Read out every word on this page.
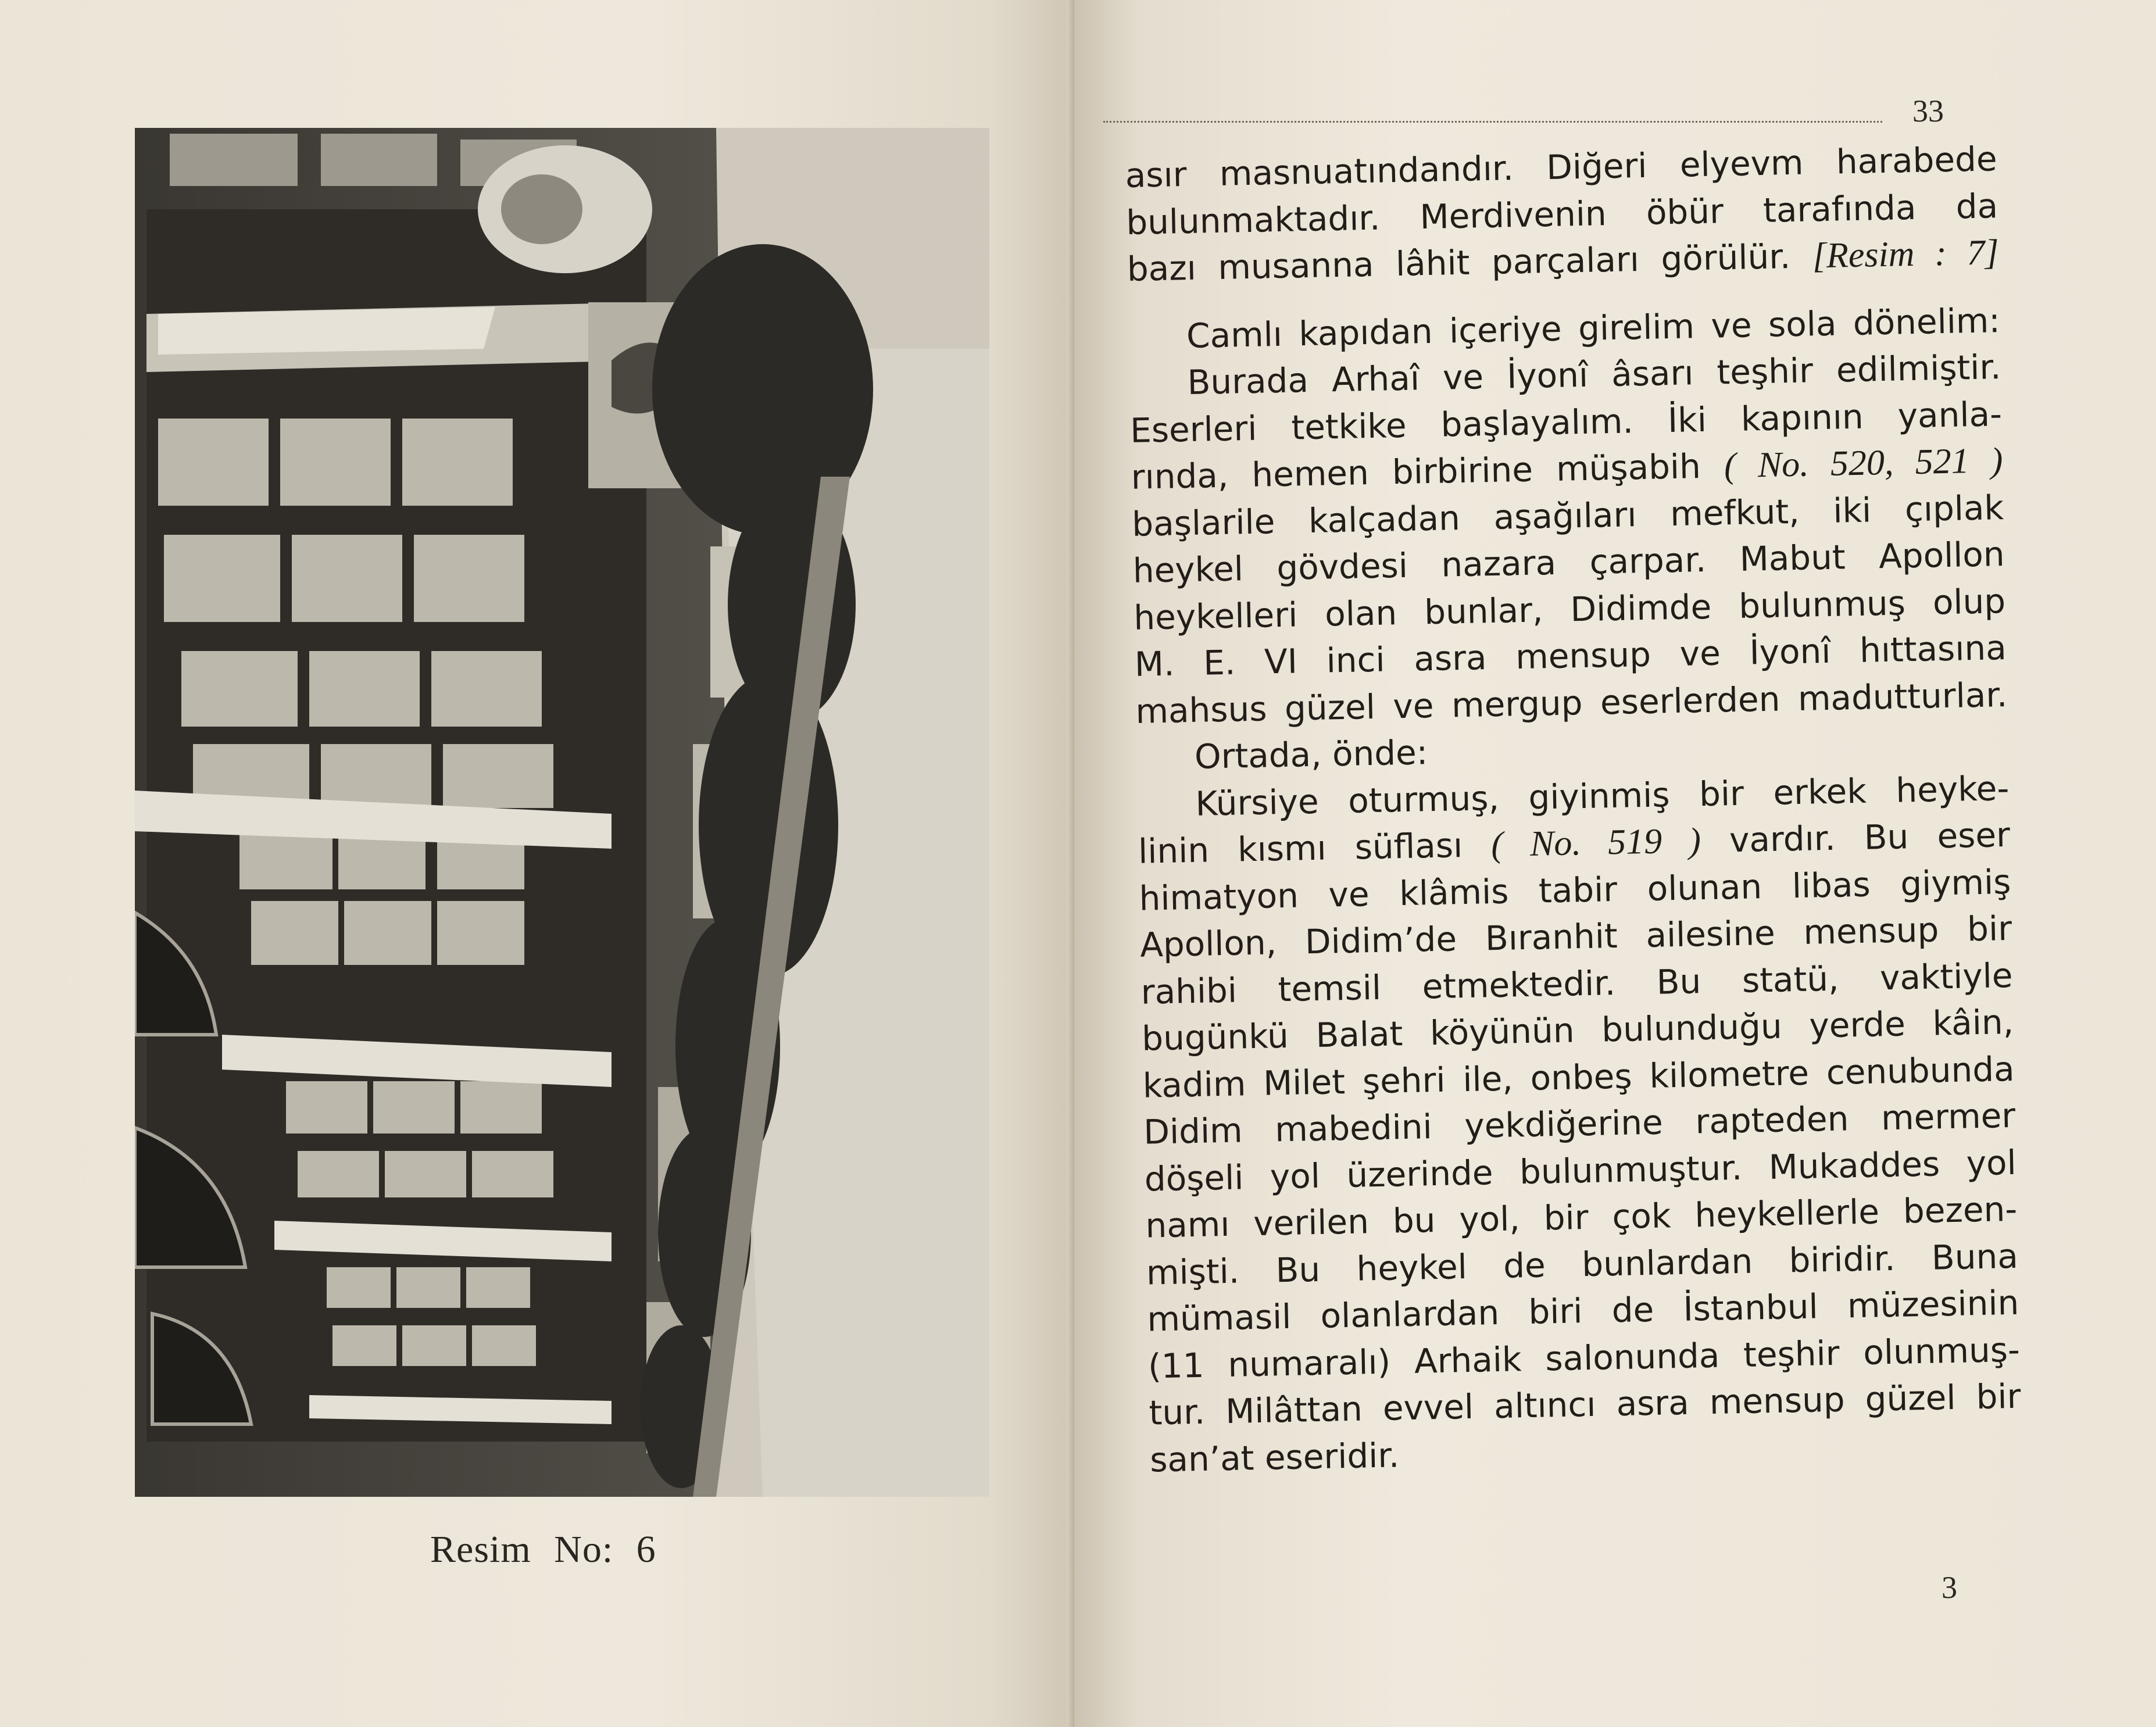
Resim No: 6
33
asır masnuatındandır. Diğeri elyevm harabede
bulunmaktadır. Merdivenin öbür tarafında da
bazı musanna lâhit parçaları görülür. [Resim : 7]
Camlı kapıdan içeriye girelim ve sola dönelim:
Burada Arhaî ve İyonî âsarı teşhir edilmiştir.
Eserleri tetkike başlayalım. İki kapının yanla-
rında, hemen birbirine müşabih ( No. 520, 521 )
başlarile kalçadan aşağıları mefkut, iki çıplak
heykel gövdesi nazara çarpar. Mabut Apollon
heykelleri olan bunlar, Didimde bulunmuş olup
M. E. VI inci asra mensup ve İyonî hıttasına
mahsus güzel ve mergup eserlerden madutturlar.
Ortada, önde:
Kürsiye oturmuş, giyinmiş bir erkek heyke-
linin kısmı süflası ( No. 519 ) vardır. Bu eser
himatyon ve klâmis tabir olunan libas giymiş
Apollon, Didim’de Bıranhit ailesine mensup bir
rahibi temsil etmektedir. Bu statü, vaktiyle
bugünkü Balat köyünün bulunduğu yerde kâin,
kadim Milet şehri ile, onbeş kilometre cenubunda
Didim mabedini yekdiğerine rapteden mermer
döşeli yol üzerinde bulunmuştur. Mukaddes yol
namı verilen bu yol, bir çok heykellerle bezen-
mişti. Bu heykel de bunlardan biridir. Buna
mümasil olanlardan biri de İstanbul müzesinin
(11 numaralı) Arhaik salonunda teşhir olunmuş-
tur. Milâttan evvel altıncı asra mensup güzel bir
san’at eseridir.
3
